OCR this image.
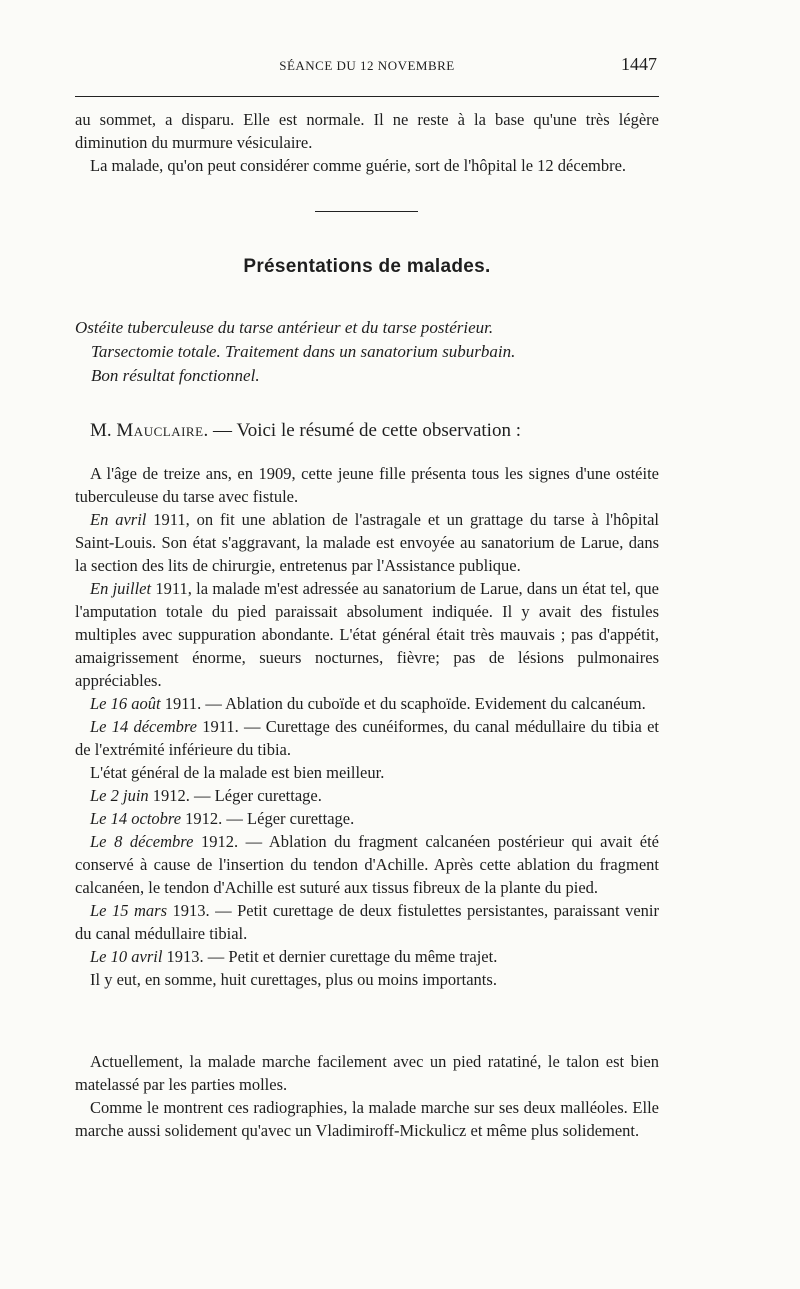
SÉANCE DU 12 NOVEMBRE	1447

au sommet, a disparu. Elle est normale. Il ne reste à la base qu'une très légère diminution du murmure vésiculaire.

La malade, qu'on peut considérer comme guérie, sort de l'hôpital le 12 décembre.

Présentations de malades.
Ostéite tuberculeuse du tarse antérieur et du tarse postérieur.
Tarsectomie totale. Traitement dans un sanatorium suburbain.
Bon résultat fonctionnel.
M. Mauclaire. — Voici le résumé de cette observation :

A l'âge de treize ans, en 1909, cette jeune fille présenta tous les signes d'une ostéite tuberculeuse du tarse avec fistule.

En avril 1911, on fit une ablation de l'astragale et un grattage du tarse à l'hôpital Saint-Louis. Son état s'aggravant, la malade est envoyée au sanatorium de Larue, dans la section des lits de chirurgie, entretenus par l'Assistance publique.

En juillet 1911, la malade m'est adressée au sanatorium de Larue, dans un état tel, que l'amputation totale du pied paraissait absolument indiquée. Il y avait des fistules multiples avec suppuration abondante. L'état général était très mauvais ; pas d'appétit, amaigrissement énorme, sueurs nocturnes, fièvre; pas de lésions pulmonaires appréciables.

Le 16 août 1911. — Ablation du cuboïde et du scaphoïde. Evidement du calcanéum.

Le 14 décembre 1911. — Curettage des cunéiformes, du canal médullaire du tibia et de l'extrémité inférieure du tibia.

L'état général de la malade est bien meilleur.

Le 2 juin 1912. — Léger curettage.

Le 14 octobre 1912. — Léger curettage.

Le 8 décembre 1912. — Ablation du fragment calcanéen postérieur qui avait été conservé à cause de l'insertion du tendon d'Achille. Après cette ablation du fragment calcanéen, le tendon d'Achille est suturé aux tissus fibreux de la plante du pied.

Le 15 mars 1913. — Petit curettage de deux fistulettes persistantes, paraissant venir du canal médullaire tibial.

Le 10 avril 1913. — Petit et dernier curettage du même trajet.

Il y eut, en somme, huit curettages, plus ou moins importants.

Actuellement, la malade marche facilement avec un pied ratatiné, le talon est bien matelassé par les parties molles.

Comme le montrent ces radiographies, la malade marche sur ses deux malléoles. Elle marche aussi solidement qu'avec un Vladimiroff-Mickulicz et même plus solidement.
